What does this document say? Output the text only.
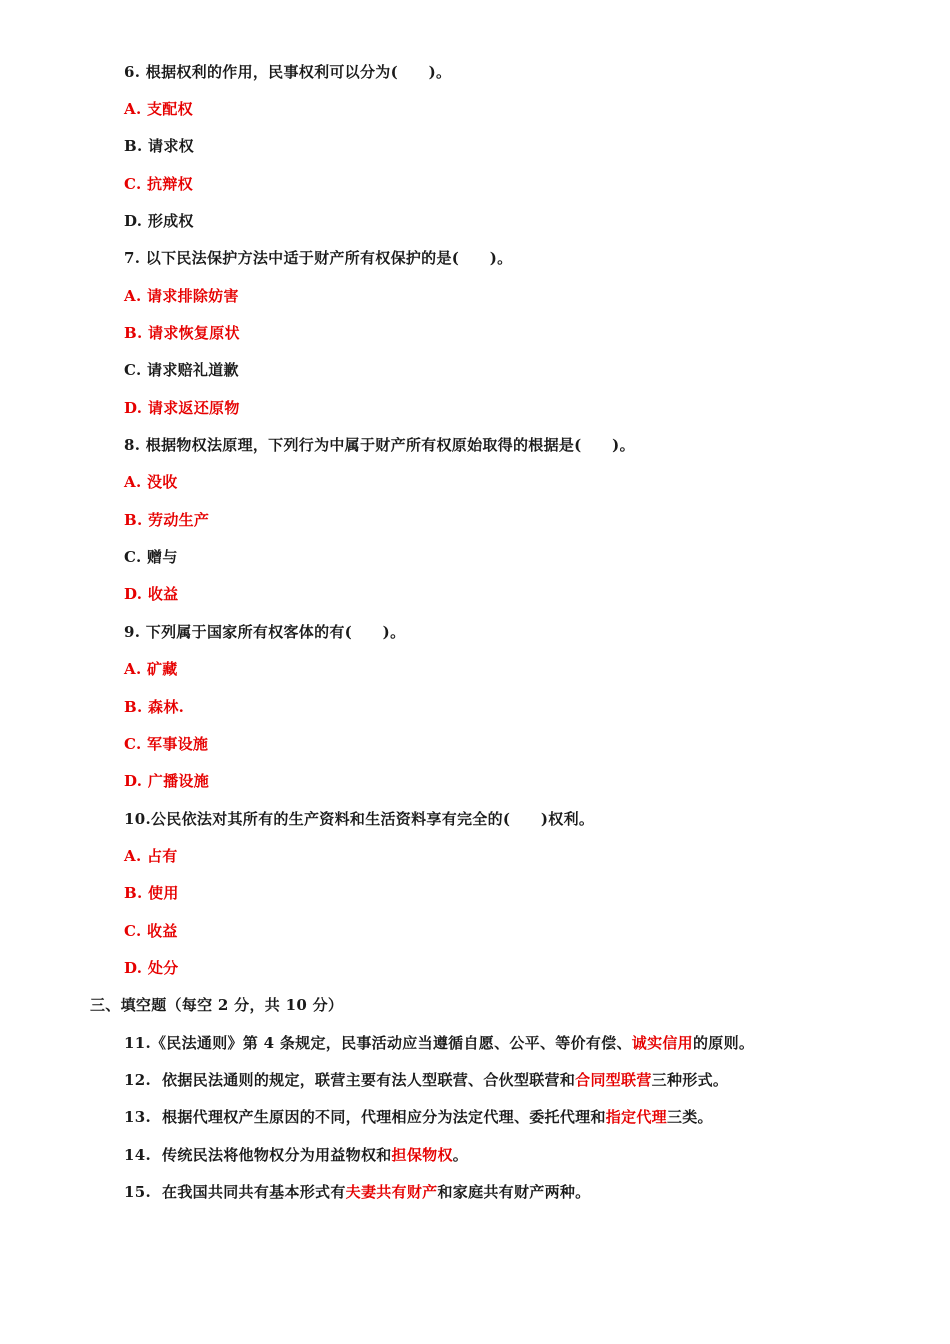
6. 根据权利的作用，民事权利可以分为(　　)。
A. 支配权
B. 请求权
C. 抗辩权
D. 形成权
7. 以下民法保护方法中适于财产所有权保护的是(　　)。
A. 请求排除妨害
B. 请求恢复原状
C. 请求赔礼道歉
D. 请求返还原物
8. 根据物权法原理，下列行为中属于财产所有权原始取得的根据是(　　)。
A. 没收
B. 劳动生产
C. 赠与
D. 收益
9. 下列属于国家所有权客体的有(　　)。
A. 矿藏
B. 森林.
C. 军事设施
D. 广播设施
10.公民依法对其所有的生产资料和生活资料享有完全的(　　)权利。
A. 占有
B. 使用
C. 收益
D. 处分
三、填空题（每空 2 分，共 10 分）
11.《民法通则》第 4 条规定，民事活动应当遵循自愿、公平、等价有偿、诚实信用的原则。
12.  依据民法通则的规定，联营主要有法人型联营、合伙型联营和合同型联营三种形式。
13.  根据代理权产生原因的不同，代理相应分为法定代理、委托代理和指定代理三类。
14.  传统民法将他物权分为用益物权和担保物权。
15.  在我国共同共有基本形式有夫妻共有财产和家庭共有财产两种。
